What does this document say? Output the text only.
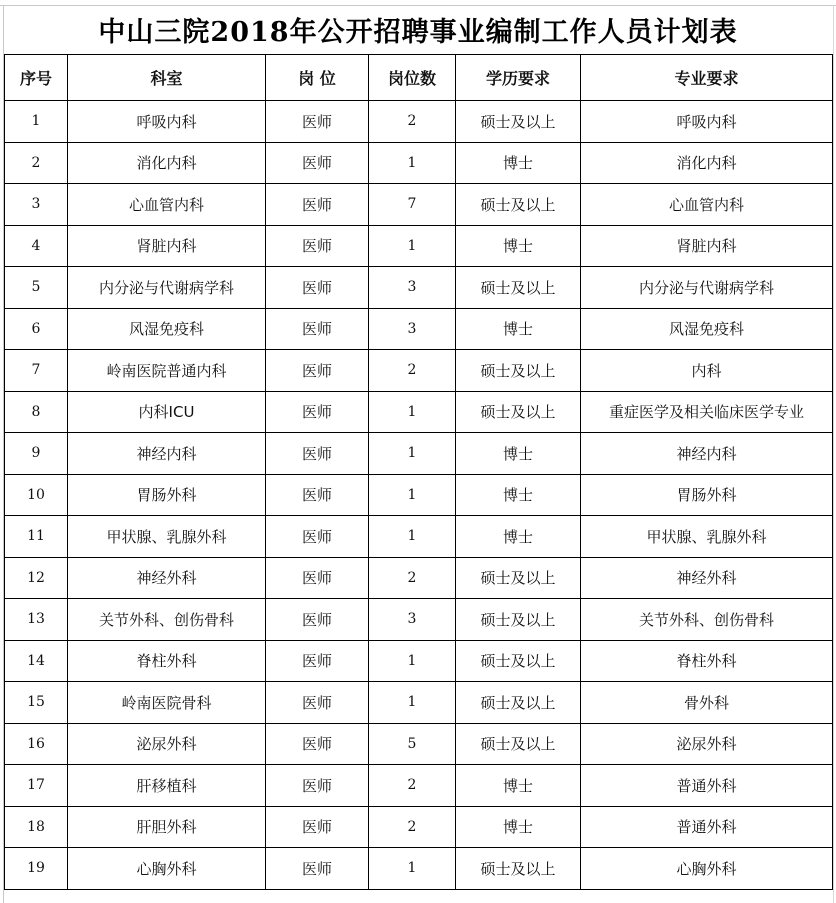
中山三院2018年公开招聘事业编制工作人员计划表
序号	科室	岗 位	岗位数	学历要求	专业要求
1	呼吸内科	医师	2	硕士及以上	呼吸内科
2	消化内科	医师	1	博士	消化内科
3	心血管内科	医师	7	硕士及以上	心血管内科
4	肾脏内科	医师	1	博士	肾脏内科
5	内分泌与代谢病学科	医师	3	硕士及以上	内分泌与代谢病学科
6	风湿免疫科	医师	3	博士	风湿免疫科
7	岭南医院普通内科	医师	2	硕士及以上	内科
8	内科ICU	医师	1	硕士及以上	重症医学及相关临床医学专业
9	神经内科	医师	1	博士	神经内科
10	胃肠外科	医师	1	博士	胃肠外科
11	甲状腺、乳腺外科	医师	1	博士	甲状腺、乳腺外科
12	神经外科	医师	2	硕士及以上	神经外科
13	关节外科、创伤骨科	医师	3	硕士及以上	关节外科、创伤骨科
14	脊柱外科	医师	1	硕士及以上	脊柱外科
15	岭南医院骨科	医师	1	硕士及以上	骨外科
16	泌尿外科	医师	5	硕士及以上	泌尿外科
17	肝移植科	医师	2	博士	普通外科
18	肝胆外科	医师	2	博士	普通外科
19	心胸外科	医师	1	硕士及以上	心胸外科
